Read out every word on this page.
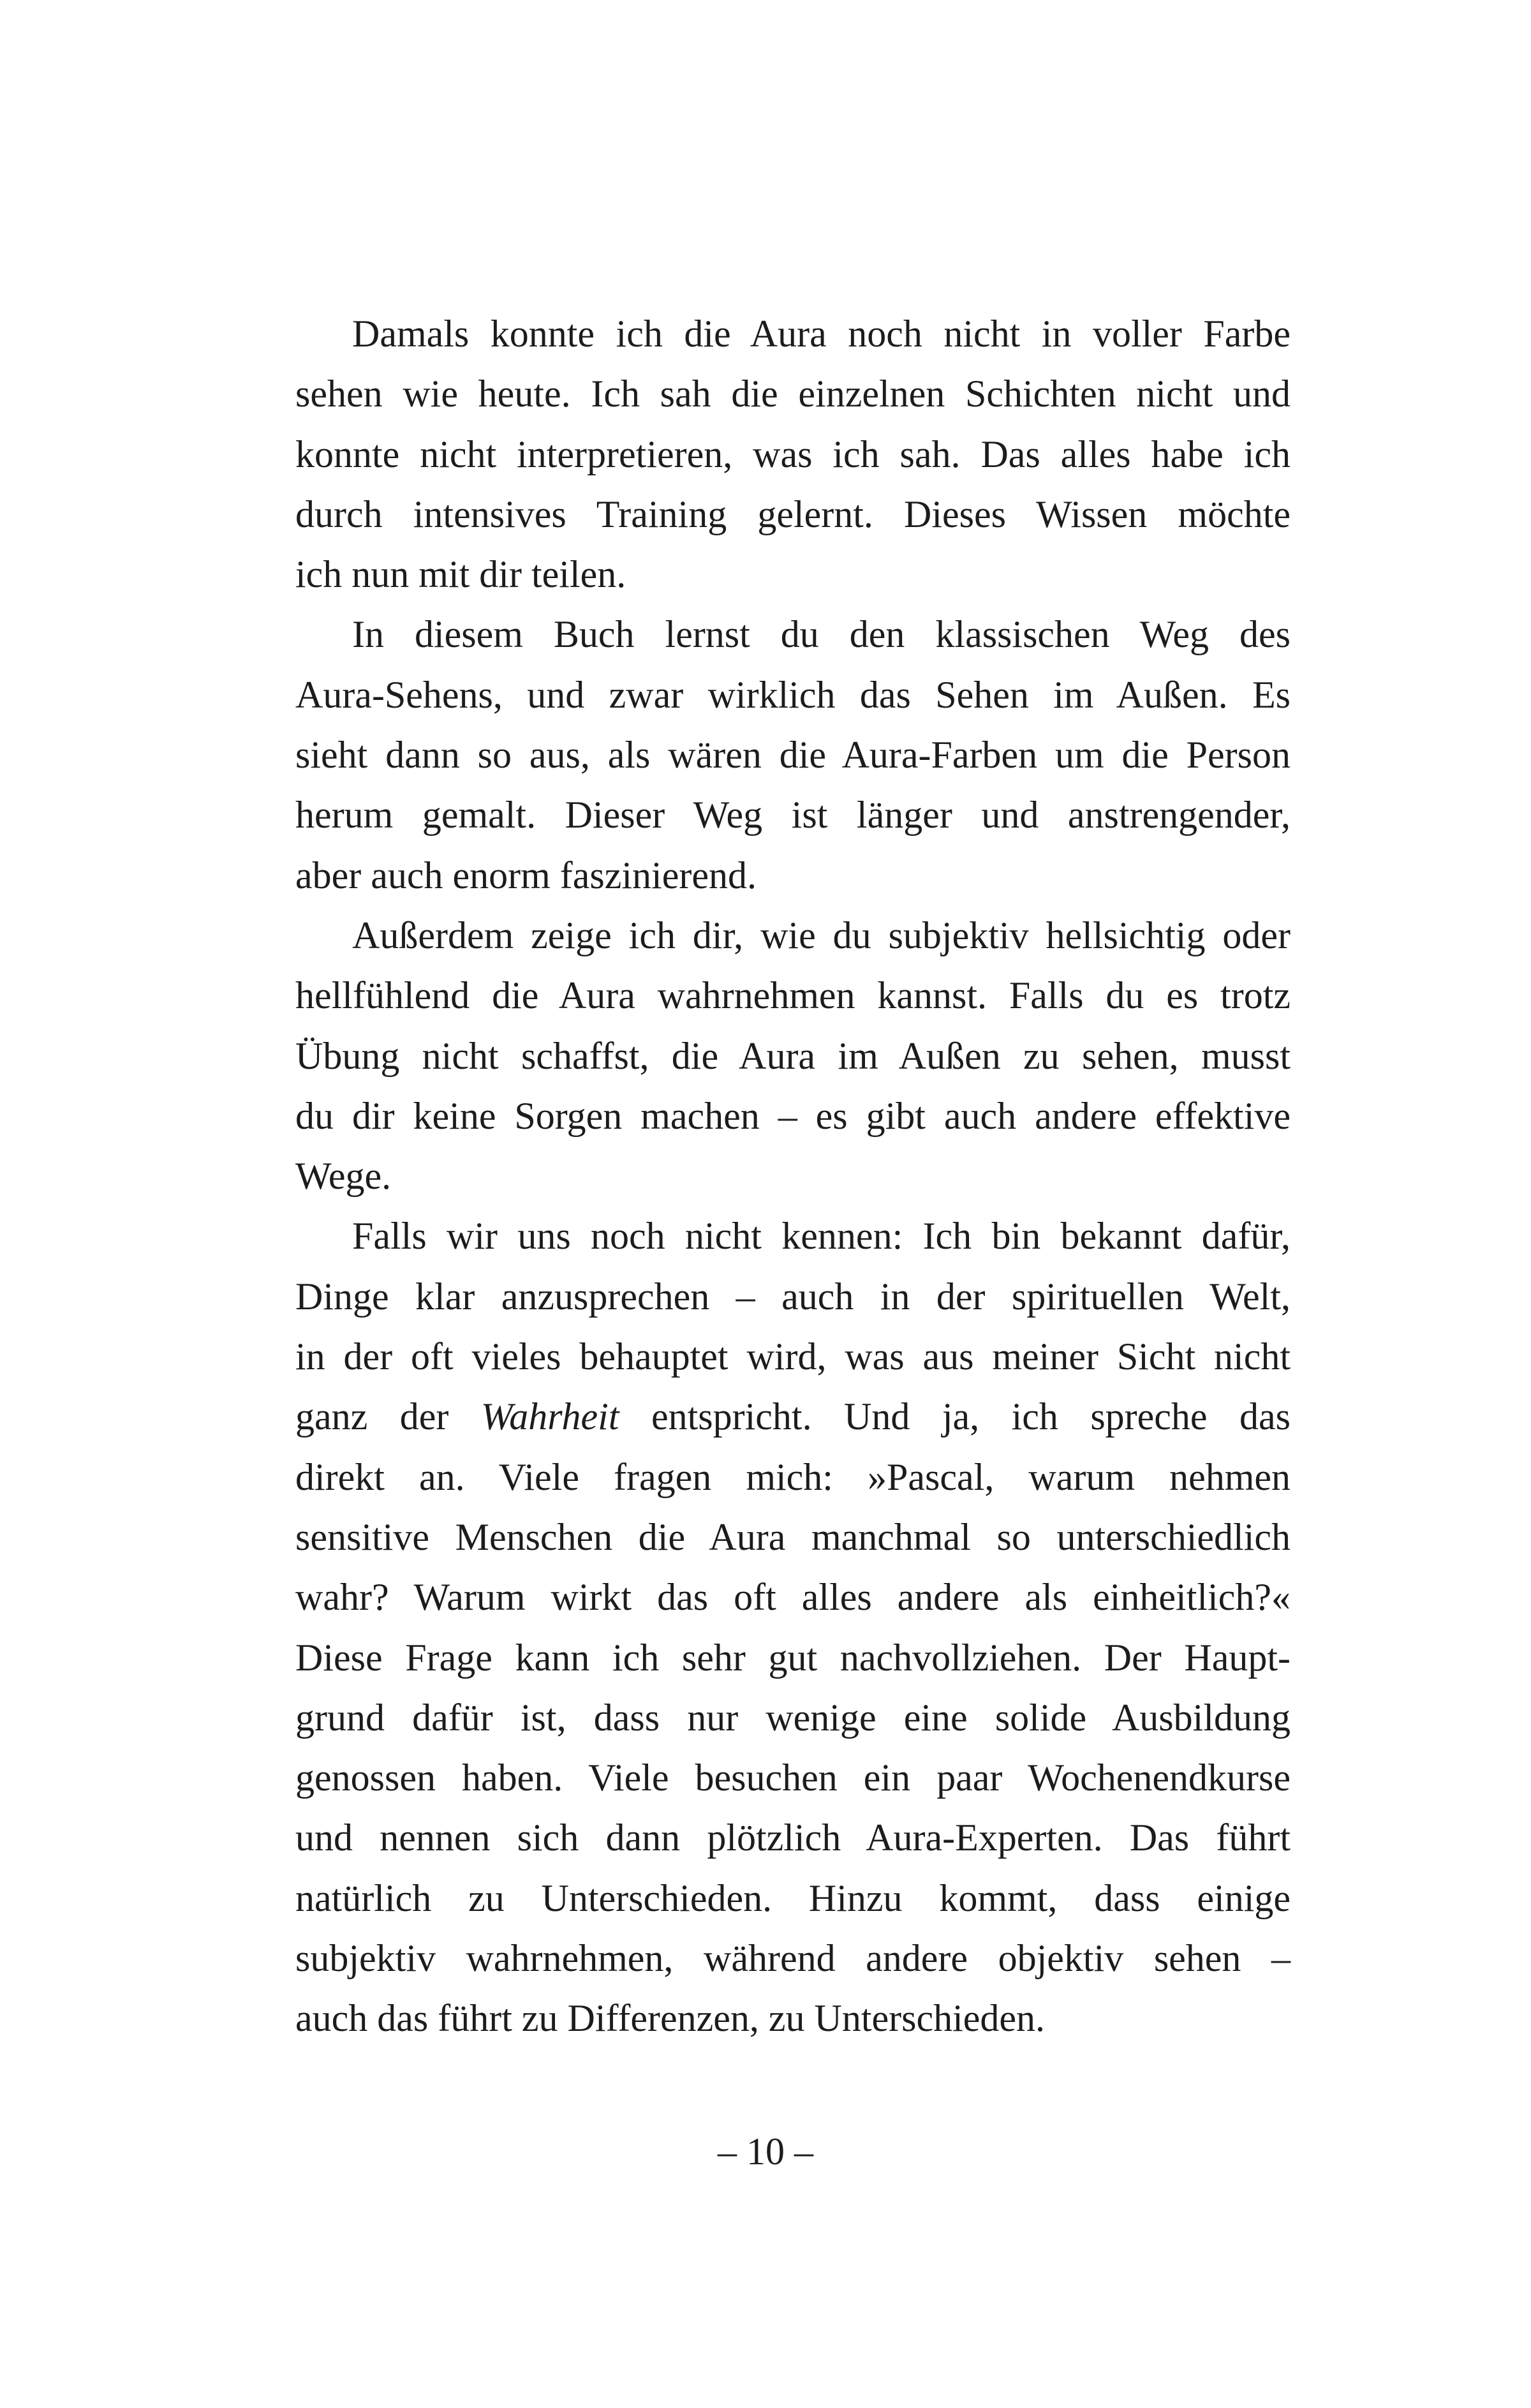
Damals konnte ich die Aura noch nicht in voller Farbe
sehen wie heute. Ich sah die einzelnen Schichten nicht und
konnte nicht interpretieren, was ich sah. Das alles habe ich
durch intensives Training gelernt. Dieses Wissen möchte
ich nun mit dir teilen.
In diesem Buch lernst du den klassischen Weg des
Aura-Sehens, und zwar wirklich das Sehen im Außen. Es
sieht dann so aus, als wären die Aura-Farben um die Person
herum gemalt. Dieser Weg ist länger und anstrengender,
aber auch enorm faszinierend.
Außerdem zeige ich dir, wie du subjektiv hellsichtig oder
hellfühlend die Aura wahrnehmen kannst. Falls du es trotz
Übung nicht schaffst, die Aura im Außen zu sehen, musst
du dir keine Sorgen machen – es gibt auch andere effektive
Wege.
Falls wir uns noch nicht kennen: Ich bin bekannt dafür,
Dinge klar anzusprechen – auch in der spirituellen Welt,
in der oft vieles behauptet wird, was aus meiner Sicht nicht
ganz der Wahrheit entspricht. Und ja, ich spreche das
direkt an. Viele fragen mich: »Pascal, warum nehmen
sensitive Menschen die Aura manchmal so unterschiedlich
wahr? Warum wirkt das oft alles andere als einheitlich?«
Diese Frage kann ich sehr gut nachvollziehen. Der Haupt-
grund dafür ist, dass nur wenige eine solide Ausbildung
genossen haben. Viele besuchen ein paar Wochenendkurse
und nennen sich dann plötzlich Aura-Experten. Das führt
natürlich zu Unterschieden. Hinzu kommt, dass einige
subjektiv wahrnehmen, während andere objektiv sehen –
auch das führt zu Differenzen, zu Unterschieden.
– 10 –
